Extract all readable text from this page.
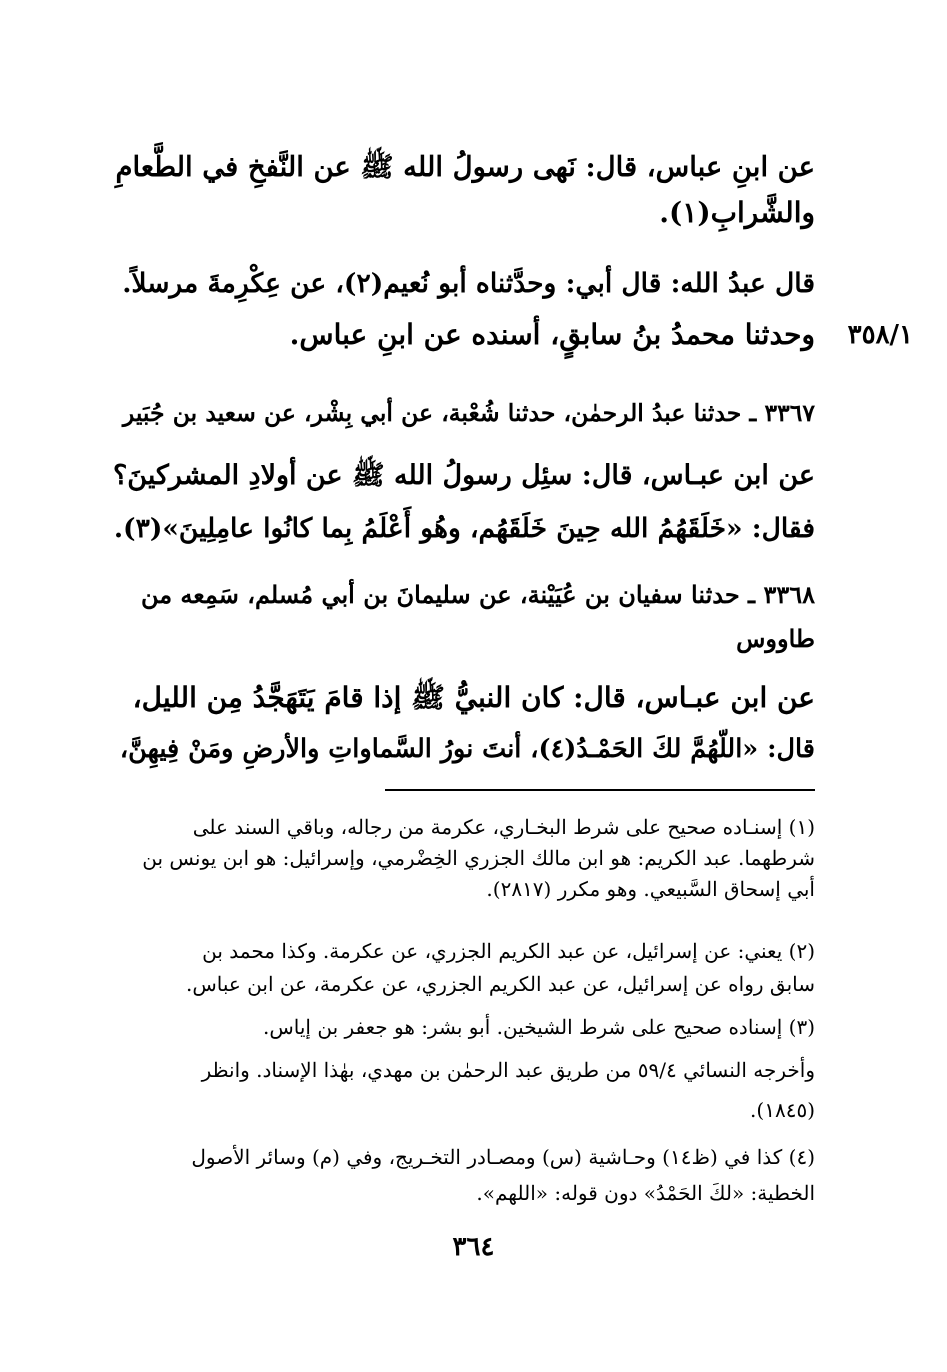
عن ابنِ عباس، قال: نَهى رسولُ الله ﷺ عن النَّفخِ في الطَّعامِ
والشَّرابِ(١).
قال عبدُ الله: قال أبي: وحدَّثناه أبو نُعيم(٢)، عن عِكْرِمةَ مرسلاً.
٣٥٨/١
وحدثنا محمدُ بنُ سابقٍ، أسنده عن ابنِ عباس.
٣٣٦٧ ـ حدثنا عبدُ الرحمٰن، حدثنا شُعْبة، عن أبي بِشْر، عن سعيد بن جُبَير
عن ابن عبـاس، قال: سئِل رسولُ الله ﷺ عن أولادِ المشركينَ؟
فقال: «خَلَقَهُمُ الله حِينَ خَلَقَهُم، وهُو أَعْلَمُ بِما كانُوا عامِلِينَ»(٣).
٣٣٦٨ ـ حدثنا سفيان بن عُيَيْنة، عن سليمانَ بن أبي مُسلم، سَمِعه من
طاووس
عن ابن عبـاس، قال: كان النبيُّ ﷺ إذا قامَ يَتَهَجَّدُ مِن الليل،
قال: «اللّهُمَّ لكَ الحَمْـدُ(٤)، أنتَ نورُ السَّماواتِ والأرضِ ومَنْ فِيهِنَّ،
(١) إسنـاده صحيح على شرط البخـاري، عكرمة من رجاله، وباقي السند على
شرطهما. عبد الكريم: هو ابن مالك الجزري الخِضْرمي، وإسرائيل: هو ابن يونس بن
أبي إسحاق السَّبيعي. وهو مكرر (٢٨١٧).
(٢) يعني: عن إسرائيل، عن عبد الكريم الجزري، عن عكرمة. وكذا محمد بن
سابق رواه عن إسرائيل، عن عبد الكريم الجزري، عن عكرمة، عن ابن عباس.
(٣) إسناده صحيح على شرط الشيخين. أبو بشر: هو جعفر بن إياس.
وأخرجه النسائي ٥٩/٤ من طريق عبد الرحمٰن بن مهدي، بهٰذا الإسناد. وانظر
(١٨٤٥).
(٤) كذا في (ظ١٤) وحـاشية (س) ومصـادر التخـريج، وفي (م) وسائر الأصول
الخطية: «لكَ الحَمْدُ» دون قوله: «اللهم».
٣٦٤
